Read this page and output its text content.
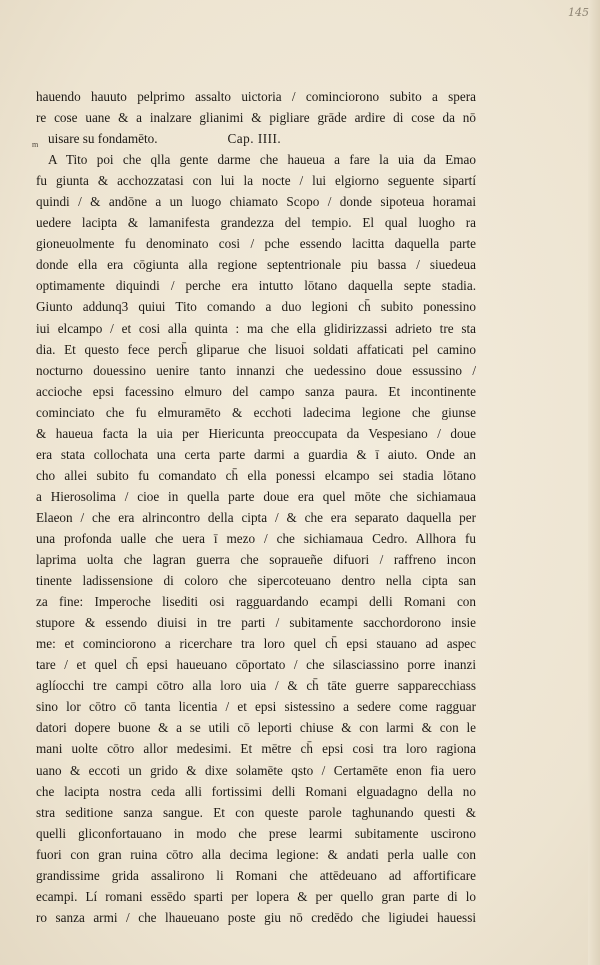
145
m
hauendo hauuto pelprimo assalto uictoria / cominciorono subito a spera
re cose uane & a inalzare glianimi & pigliare grāde ardire di cose da nō
uisare su fondamēto.	Cap. IIII.
A Tito poi che qlla gente darme che haueua a fare la uia da Emao
fu giunta & acchozzatasi con lui la nocte / lui elgiorno seguente sipartí
quindi / & andōne a un luogo chiamato Scopo / donde sipoteua horamai
uedere lacipta & lamanifesta grandezza del tempio. El qual luogho ra
gioneuolmente fu denominato cosi / pche essendo lacitta daquella parte
donde ella era cōgiunta alla regione septentrionale piu bassa / siuedeua
optimamente diquindi / perche era intutto lōtano daquella septe stadia.
Giunto addunq3 quiui Tito comando a duo legioni ch̄ subito ponessino
iui elcampo / et cosi alla quinta : ma che ella glidirizzassi adrieto tre sta
dia. Et questo fece perch̄ gliparue che lisuoi soldati affaticati pel camino
nocturno douessino uenire tanto innanzi che uedessino doue essussino /
accioche epsi facessino elmuro del campo sanza paura. Et incontinente
cominciato che fu elmuramēto & ecchoti ladecima legione che giunse
& haueua facta la uia per Hiericunta preoccupata da Vespesiano / doue
era stata collochata una certa parte darmi a guardia & ī aiuto. Onde an
cho allei subito fu comandato ch̄ ella ponessi elcampo sei stadia lōtano
a Hierosolima / cioe in quella parte doue era quel mōte che sichiamaua
Elaeon / che era alrincontro della cipta / & che era separato daquella per
una profonda ualle che uera ī mezo / che sichiamaua Cedro. Allhora fu
laprima uolta che lagran guerra che sopraueñe difuori / raffreno incon
tinente ladissensione di coloro che sipercoteuano dentro nella cipta san
za fine: Imperoche lisediti osi ragguardando ecampi delli Romani con
stupore & essendo diuisi in tre parti / subitamente sacchordorono insie
me: et cominciorono a ricerchare tra loro quel ch̄ epsi stauano ad aspec
tare / et quel ch̄ epsi haueuano cōportato / che silasciassino porre inanzi
aglíocchi tre campi cōtro alla loro uia / & ch̄ tāte guerre sapparecchiass
sino lor cōtro cō tanta licentia / et epsi sistessino a sedere come ragguar
datori dopere buone & a se utili cō leporti chiuse & con larmi & con le
mani uolte cōtro allor medesimi. Et mētre ch̄ epsi cosi tra loro ragiona
uano & eccoti un grido & dixe solamēte qsto / Certamēte enon fia uero
che lacipta nostra ceda alli fortissimi delli Romani elguadagno della no
stra seditione sanza sangue. Et con queste parole taghunando questi &
quelli gliconfortauano in modo che prese learmi subitamente uscirono
fuori con gran ruina cōtro alla decima legione: & andati perla ualle con
grandissime grida assalirono li Romani che attēdeuano ad affortificare
ecampi. Lí romani essēdo sparti per lopera & per quello gran parte di lo
ro sanza armi / che lhaueuano poste giu nō credēdo che ligiudei hauessi
